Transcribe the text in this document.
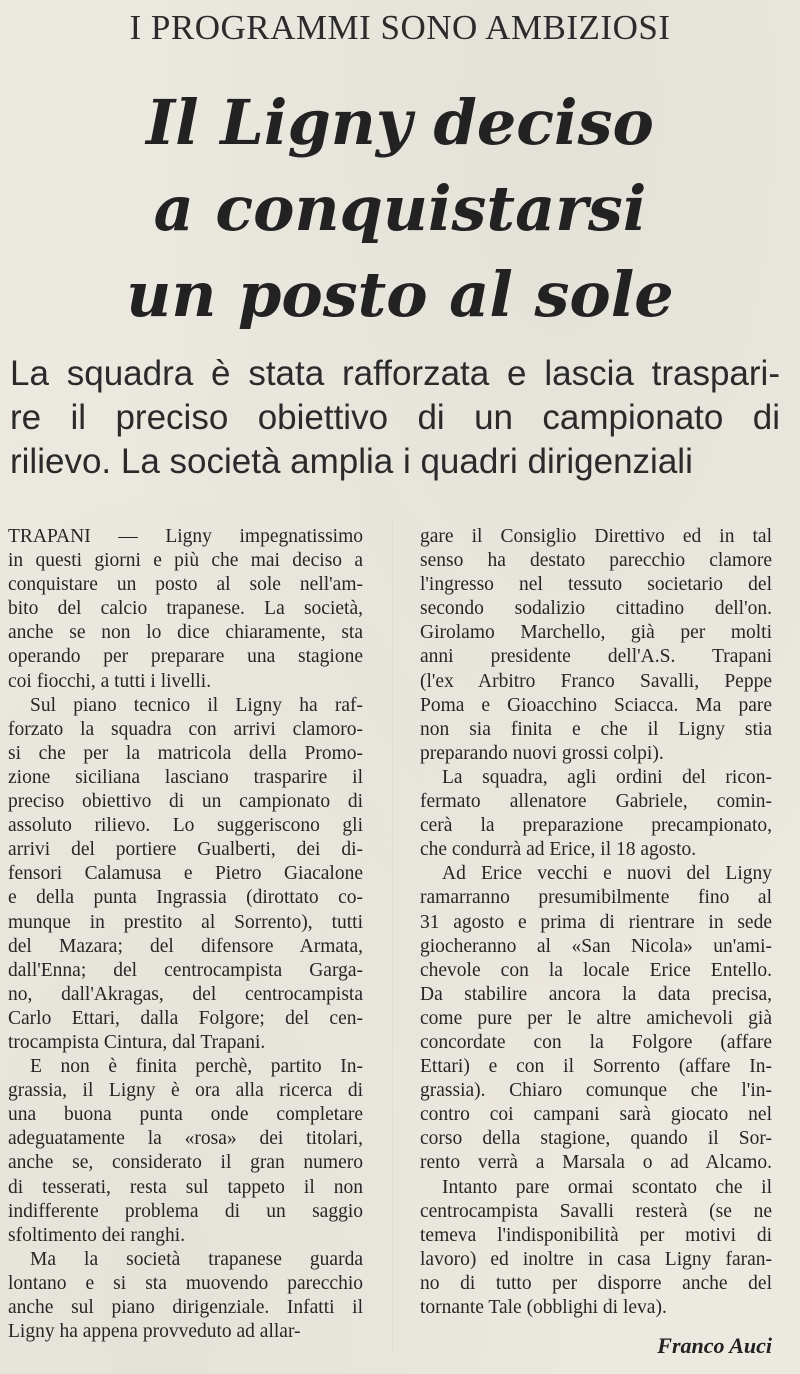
I PROGRAMMI SONO AMBIZIOSI
Il Ligny deciso
a conquistarsi
un posto al sole
La squadra è stata rafforzata e lascia traspari-
re il preciso obiettivo di un campionato di
rilievo. La società amplia i quadri dirigenziali
TRAPANI — Ligny impegnatissimo
in questi giorni e più che mai deciso a
conquistare un posto al sole nell'am-
bito del calcio trapanese. La società,
anche se non lo dice chiaramente, sta
operando per preparare una stagione
coi fiocchi, a tutti i livelli.
Sul piano tecnico il Ligny ha raf-
forzato la squadra con arrivi clamoro-
si che per la matricola della Promo-
zione siciliana lasciano trasparire il
preciso obiettivo di un campionato di
assoluto rilievo. Lo suggeriscono gli
arrivi del portiere Gualberti, dei di-
fensori Calamusa e Pietro Giacalone
e della punta Ingrassia (dirottato co-
munque in prestito al Sorrento), tutti
del Mazara; del difensore Armata,
dall'Enna; del centrocampista Garga-
no, dall'Akragas, del centrocampista
Carlo Ettari, dalla Folgore; del cen-
trocampista Cintura, dal Trapani.
E non è finita perchè, partito In-
grassia, il Ligny è ora alla ricerca di
una buona punta onde completare
adeguatamente la «rosa» dei titolari,
anche se, considerato il gran numero
di tesserati, resta sul tappeto il non
indifferente problema di un saggio
sfoltimento dei ranghi.
Ma la società trapanese guarda
lontano e si sta muovendo parecchio
anche sul piano dirigenziale. Infatti il
Ligny ha appena provveduto ad allar-
gare il Consiglio Direttivo ed in tal
senso ha destato parecchio clamore
l'ingresso nel tessuto societario del
secondo sodalizio cittadino dell'on.
Girolamo Marchello, già per molti
anni presidente dell'A.S. Trapani
(l'ex Arbitro Franco Savalli, Peppe
Poma e Gioacchino Sciacca. Ma pare
non sia finita e che il Ligny stia
preparando nuovi grossi colpi).
La squadra, agli ordini del ricon-
fermato allenatore Gabriele, comin-
cerà la preparazione precampionato,
che condurrà ad Erice, il 18 agosto.
Ad Erice vecchi e nuovi del Ligny
ramarranno presumibilmente fino al
31 agosto e prima di rientrare in sede
giocheranno al «San Nicola» un'ami-
chevole con la locale Erice Entello.
Da stabilire ancora la data precisa,
come pure per le altre amichevoli già
concordate con la Folgore (affare
Ettari) e con il Sorrento (affare In-
grassia). Chiaro comunque che l'in-
contro coi campani sarà giocato nel
corso della stagione, quando il Sor-
rento verrà a Marsala o ad Alcamo.
Intanto pare ormai scontato che il
centrocampista Savalli resterà (se ne
temeva l'indisponibilità per motivi di
lavoro) ed inoltre in casa Ligny faran-
no di tutto per disporre anche del
tornante Tale (obblighi di leva).
Franco Auci
